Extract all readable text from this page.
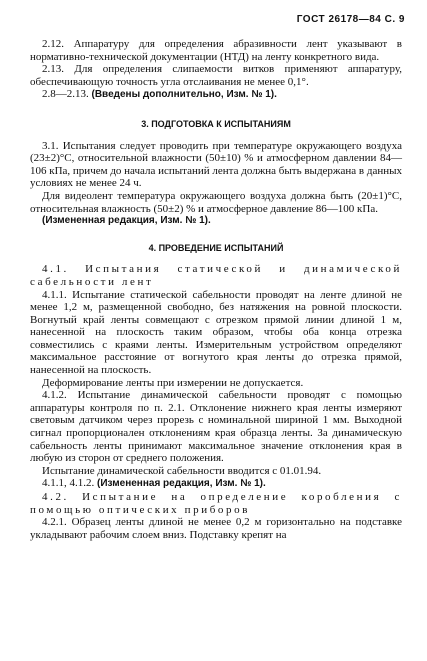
ГОСТ 26178—84 С. 9

2.12. Аппаратуру для определения абразивности лент указывают в нормативно-технической документации (НТД) на ленту конкретного вида.

2.13. Для определения слипаемости витков применяют аппаратуру, обеспечивающую точность угла отслаивания не менее 0,1°.

2.8—2.13. (Введены дополнительно, Изм. № 1).

3. ПОДГОТОВКА К ИСПЫТАНИЯМ

3.1. Испытания следует проводить при температуре окружающего воздуха (23±2)°С, относительной влажности (50±10) % и атмосферном давлении 84—106 кПа, причем до начала испытаний лента должна быть выдержана в данных условиях не менее 24 ч.

Для видеолент температура окружающего воздуха должна быть (20±1)°С, относительная влажность (50±2) % и атмосферное давление 86—100 кПа.

(Измененная редакция, Изм. № 1).

4. ПРОВЕДЕНИЕ ИСПЫТАНИЙ

4.1. Испытания статической и динамической сабельности лент

4.1.1. Испытание статической сабельности проводят на ленте длиной не менее 1,2 м, размещенной свободно, без натяжения на ровной плоскости. Вогнутый край ленты совмещают с отрезком прямой линии длиной 1 м, нанесенной на плоскость таким образом, чтобы оба конца отрезка совместились с краями ленты. Измерительным устройством определяют максимальное расстояние от вогнутого края ленты до отрезка прямой, нанесенной на плоскость.

Деформирование ленты при измерении не допускается.

4.1.2. Испытание динамической сабельности проводят с помощью аппаратуры контроля по п. 2.1. Отклонение нижнего края ленты измеряют световым датчиком через прорезь с номинальной шириной 1 мм. Выходной сигнал пропорционален отклонениям края образца ленты. За динамическую сабельность ленты принимают максимальное значение отклонения края в любую из сторон от среднего положения.

Испытание динамической сабельности вводится с 01.01.94.

4.1.1, 4.1.2. (Измененная редакция, Изм. № 1).

4.2. Испытание на определение коробления с помощью оптических приборов

4.2.1. Образец ленты длиной не менее 0,2 м горизонтально на подставке укладывают рабочим слоем вниз. Подставку крепят на
